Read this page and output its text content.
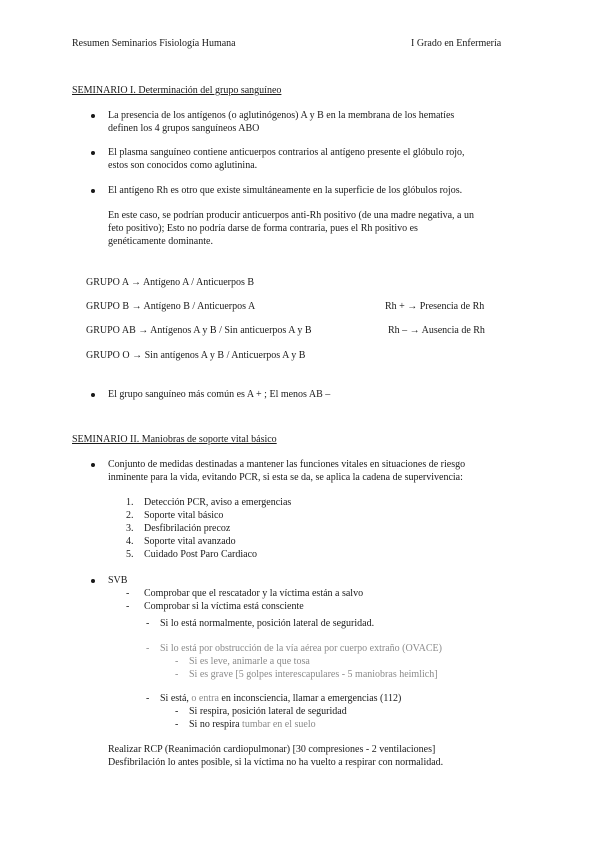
Resumen Seminarios Fisiología Humana	I Grado en Enfermería
SEMINARIO I. Determinación del grupo sanguíneo
La presencia de los antígenos (o aglutinógenos) A y B en la membrana de los hematíes
definen los 4 grupos sanguíneos ABO
El plasma sanguíneo contiene anticuerpos contrarios al antígeno presente el glóbulo rojo,
estos son conocidos como aglutinina.
El antígeno Rh es otro que existe simultáneamente en la superficie de los glóbulos rojos.
En este caso, se podrían producir anticuerpos anti-Rh positivo (de una madre negativa, a un
feto positivo); Esto no podría darse de forma contraria, pues el Rh positivo es
genéticamente dominante.
GRUPO A → Antígeno A / Anticuerpos B
GRUPO B → Antígeno B / Anticuerpos A	Rh + → Presencia de Rh
GRUPO AB → Antígenos A y B / Sin anticuerpos A y B	Rh – → Ausencia de Rh
GRUPO O → Sin antígenos A y B / Anticuerpos A y B
El grupo sanguíneo más común es A + ; El menos AB –
SEMINARIO II. Maniobras de soporte vital básico
Conjunto de medidas destinadas a mantener las funciones vitales en situaciones de riesgo
inminente para la vida, evitando PCR, si esta se da, se aplica la cadena de supervivencia:
1. Detección PCR, aviso a emergencias
2. Soporte vital básico
3. Desfibrilación precoz
4. Soporte vital avanzado
5. Cuidado Post Paro Cardiaco
SVB
- Comprobar que el rescatador y la víctima están a salvo
- Comprobar si la víctima está consciente
- Si lo está normalmente, posición lateral de seguridad.
- Si lo está por obstrucción de la vía aérea por cuerpo extraño (OVACE)
- Si es leve, animarle a que tosa
- Si es grave [5 golpes interescapulares - 5 maniobras heimlich]
- Si está, o entra en inconsciencia, llamar a emergencias (112)
- Si respira, posición lateral de seguridad
- Si no respira tumbar en el suelo
Realizar RCP (Reanimación cardiopulmonar) [30 compresiones - 2 ventilaciones]
Desfibrilación lo antes posible, si la víctima no ha vuelto a respirar con normalidad.
